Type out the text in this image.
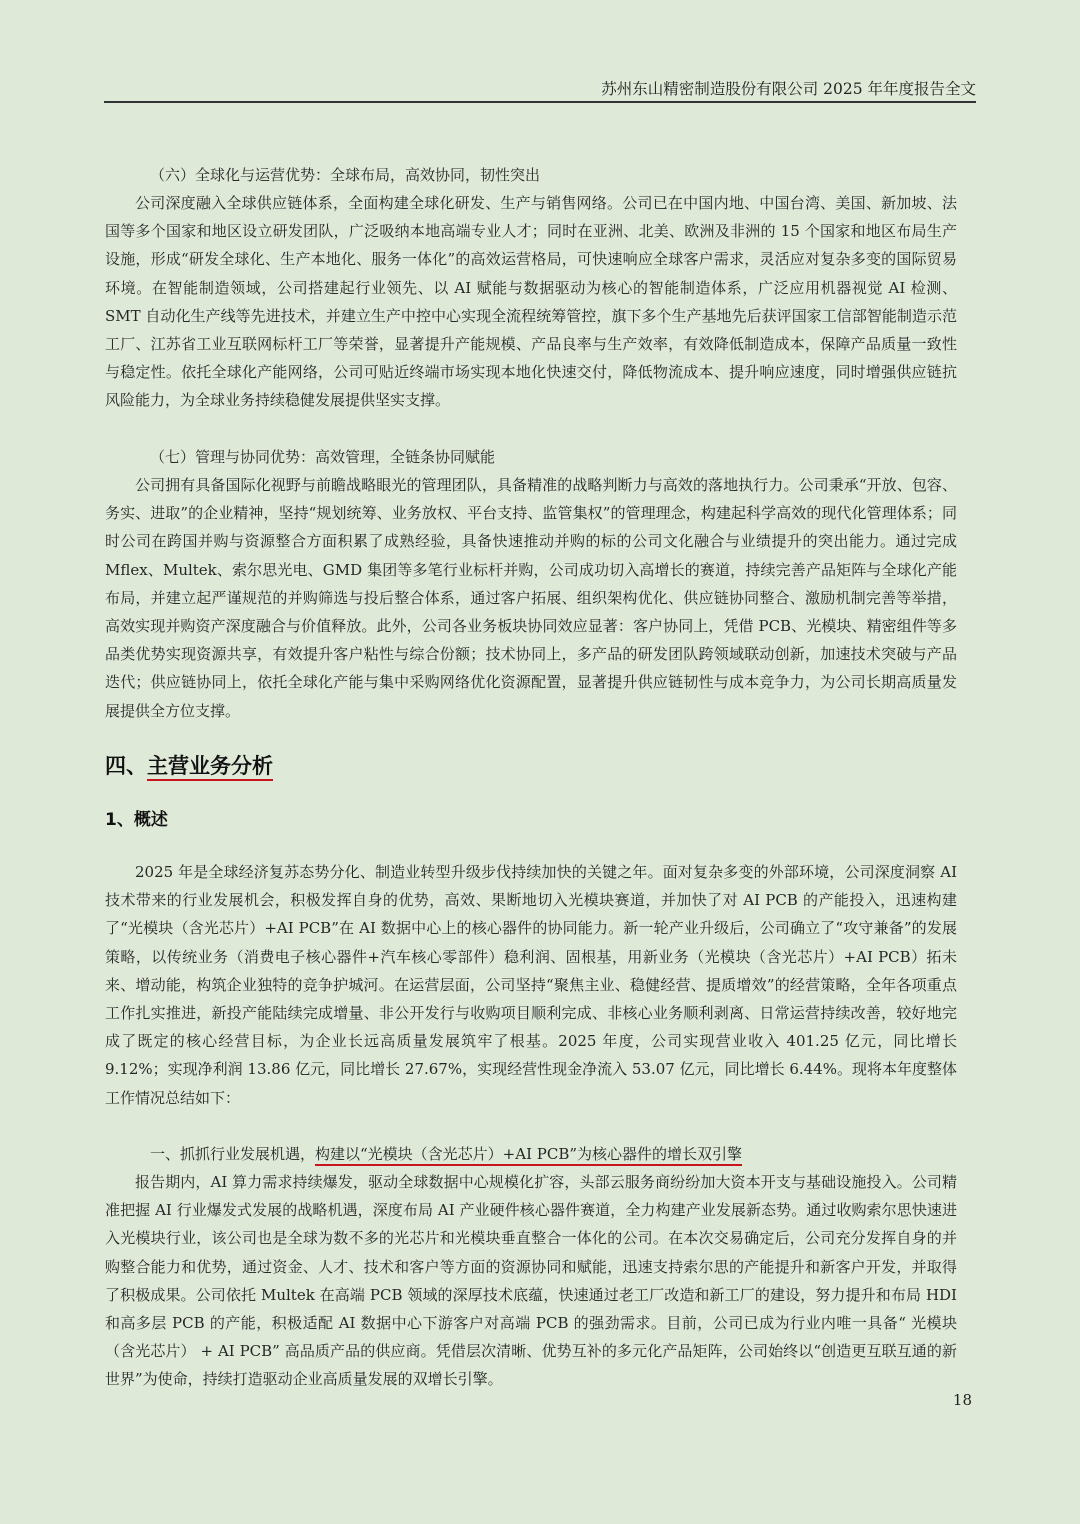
苏州东山精密制造股份有限公司 2025 年年度报告全文
（六）全球化与运营优势：全球布局，高效协同，韧性突出

公司深度融入全球供应链体系，全面构建全球化研发、生产与销售网络。公司已在中国内地、中国台湾、美国、新加坡、法国等多个国家和地区设立研发团队，广泛吸纳本地高端专业人才；同时在亚洲、北美、欧洲及非洲的 15 个国家和地区布局生产设施，形成“研发全球化、生产本地化、服务一体化”的高效运营格局，可快速响应全球客户需求，灵活应对复杂多变的国际贸易环境。在智能制造领域，公司搭建起行业领先、以 AI 赋能与数据驱动为核心的智能制造体系，广泛应用机器视觉 AI 检测、SMT 自动化生产线等先进技术，并建立生产中控中心实现全流程统筹管控，旗下多个生产基地先后获评国家工信部智能制造示范工厂、江苏省工业互联网标杆工厂等荣誉，显著提升产能规模、产品良率与生产效率，有效降低制造成本，保障产品质量一致性与稳定性。依托全球化产能网络，公司可贴近终端市场实现本地化快速交付，降低物流成本、提升响应速度，同时增强供应链抗风险能力，为全球业务持续稳健发展提供坚实支撑。

（七）管理与协同优势：高效管理，全链条协同赋能

公司拥有具备国际化视野与前瞻战略眼光的管理团队，具备精准的战略判断力与高效的落地执行力。公司秉承“开放、包容、务实、进取”的企业精神，坚持“规划统筹、业务放权、平台支持、监管集权”的管理理念，构建起科学高效的现代化管理体系；同时公司在跨国并购与资源整合方面积累了成熟经验，具备快速推动并购的标的公司文化融合与业绩提升的突出能力。通过完成 Mflex、Multek、索尔思光电、GMD 集团等多笔行业标杆并购，公司成功切入高增长的赛道，持续完善产品矩阵与全球化产能布局，并建立起严谨规范的并购筛选与投后整合体系，通过客户拓展、组织架构优化、供应链协同整合、激励机制完善等举措，高效实现并购资产深度融合与价值释放。此外，公司各业务板块协同效应显著：客户协同上，凭借 PCB、光模块、精密组件等多品类优势实现资源共享，有效提升客户粘性与综合份额；技术协同上，多产品的研发团队跨领域联动创新，加速技术突破与产品迭代；供应链协同上，依托全球化产能与集中采购网络优化资源配置，显著提升供应链韧性与成本竞争力，为公司长期高质量发展提供全方位支撑。

四、主营业务分析
1、概述

2025 年是全球经济复苏态势分化、制造业转型升级步伐持续加快的关键之年。面对复杂多变的外部环境，公司深度洞察 AI 技术带来的行业发展机会，积极发挥自身的优势，高效、果断地切入光模块赛道，并加快了对 AI PCB 的产能投入，迅速构建了“光模块（含光芯片）+AI PCB”在 AI 数据中心上的核心器件的协同能力。新一轮产业升级后，公司确立了“攻守兼备”的发展策略，以传统业务（消费电子核心器件+汽车核心零部件）稳利润、固根基，用新业务（光模块（含光芯片）+AI PCB）拓未来、增动能，构筑企业独特的竞争护城河。在运营层面，公司坚持“聚焦主业、稳健经营、提质增效”的经营策略，全年各项重点工作扎实推进，新投产能陆续完成增量、非公开发行与收购项目顺利完成、非核心业务顺利剥离、日常运营持续改善，较好地完成了既定的核心经营目标，为企业长远高质量发展筑牢了根基。2025 年度，公司实现营业收入 401.25 亿元，同比增长 9.12%；实现净利润 13.86 亿元，同比增长 27.67%，实现经营性现金净流入 53.07 亿元，同比增长 6.44%。现将本年度整体工作情况总结如下：

一、抓抓行业发展机遇，构建以“光模块（含光芯片）+AI PCB”为核心器件的增长双引擎

报告期内，AI 算力需求持续爆发，驱动全球数据中心规模化扩容，头部云服务商纷纷加大资本开支与基础设施投入。公司精准把握 AI 行业爆发式发展的战略机遇，深度布局 AI 产业硬件核心器件赛道，全力构建产业发展新态势。通过收购索尔思快速进入光模块行业，该公司也是全球为数不多的光芯片和光模块垂直整合一体化的公司。在本次交易确定后，公司充分发挥自身的并购整合能力和优势，通过资金、人才、技术和客户等方面的资源协同和赋能，迅速支持索尔思的产能提升和新客户开发，并取得了积极成果。公司依托 Multek 在高端 PCB 领域的深厚技术底蕴，快速通过老工厂改造和新工厂的建设，努力提升和布局 HDI 和高多层 PCB 的产能，积极适配 AI 数据中心下游客户对高端 PCB 的强劲需求。目前，公司已成为行业内唯一具备“ 光模块（含光芯片） + AI PCB” 高品质产品的供应商。凭借层次清晰、优势互补的多元化产品矩阵，公司始终以“创造更互联互通的新世界”为使命，持续打造驱动企业高质量发展的双增长引擎。

18
